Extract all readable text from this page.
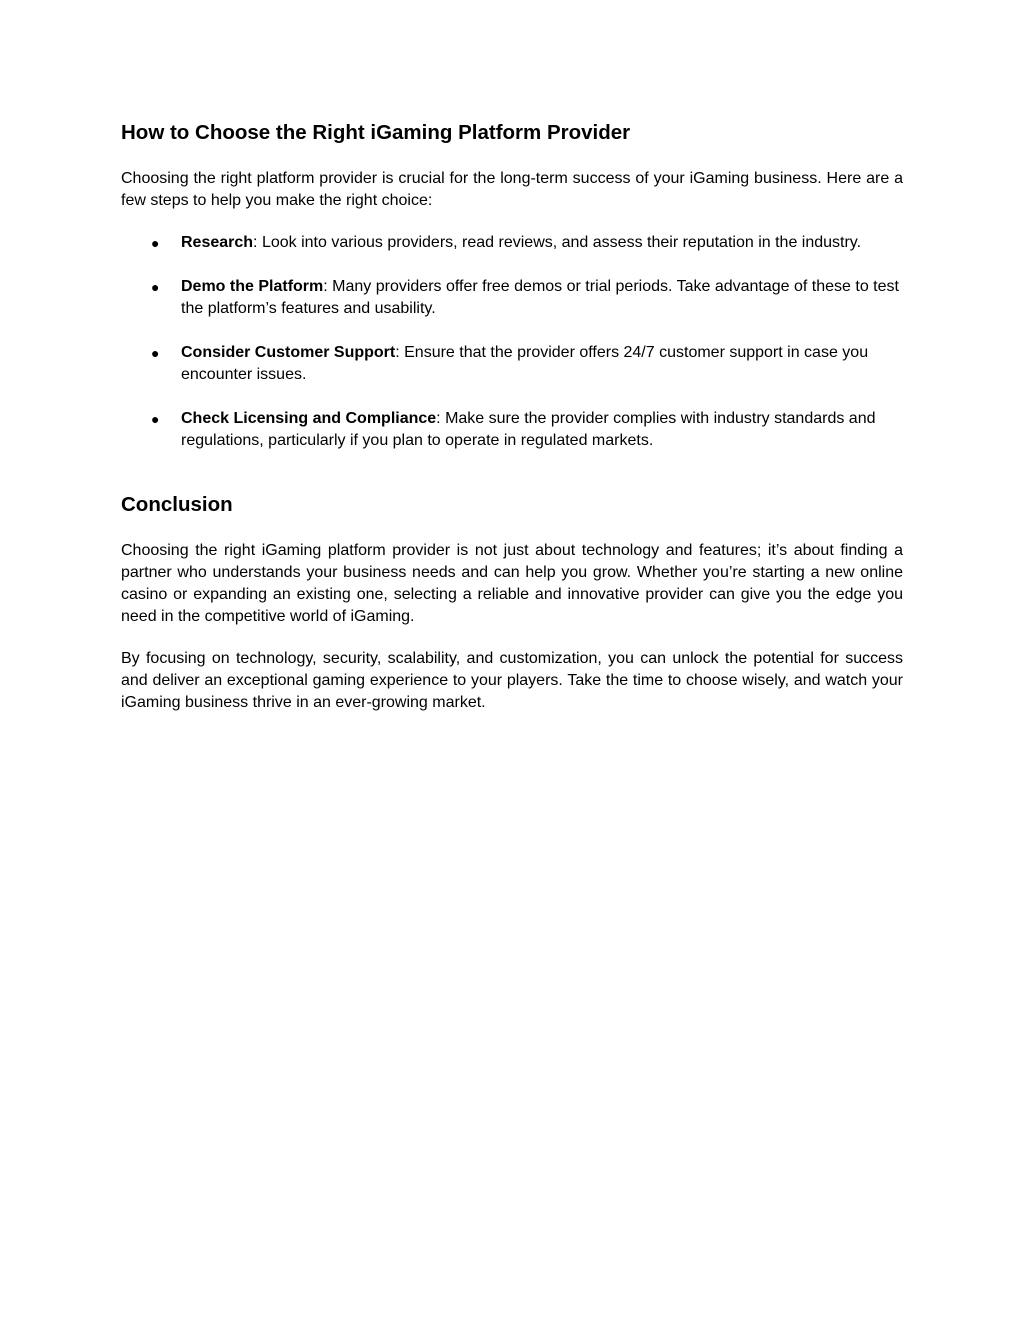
How to Choose the Right iGaming Platform Provider

Choosing the right platform provider is crucial for the long-term success of your iGaming business. Here are a few steps to help you make the right choice:

● Research: Look into various providers, read reviews, and assess their reputation in the industry.
● Demo the Platform: Many providers offer free demos or trial periods. Take advantage of these to test the platform’s features and usability.
● Consider Customer Support: Ensure that the provider offers 24/7 customer support in case you encounter issues.
● Check Licensing and Compliance: Make sure the provider complies with industry standards and regulations, particularly if you plan to operate in regulated markets.
Conclusion

Choosing the right iGaming platform provider is not just about technology and features; it’s about finding a partner who understands your business needs and can help you grow. Whether you’re starting a new online casino or expanding an existing one, selecting a reliable and innovative provider can give you the edge you need in the competitive world of iGaming.

By focusing on technology, security, scalability, and customization, you can unlock the potential for success and deliver an exceptional gaming experience to your players. Take the time to choose wisely, and watch your iGaming business thrive in an ever-growing market.
